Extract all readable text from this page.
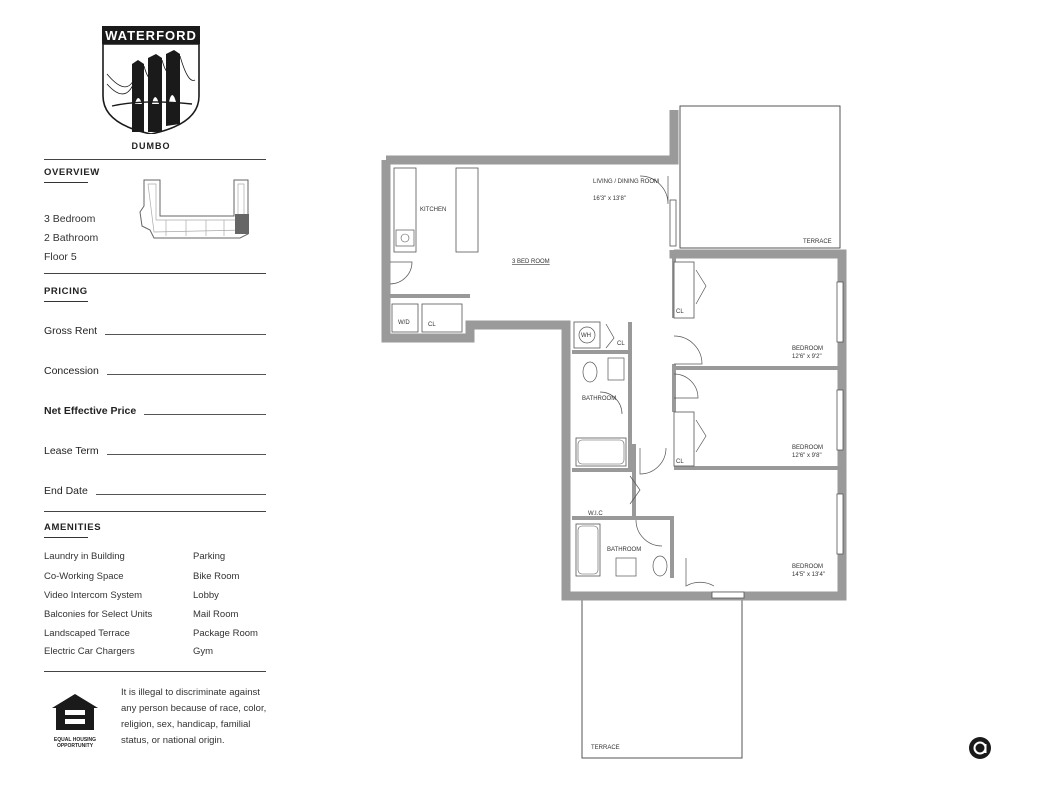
WATERFORD
DUMBO
OVERVIEW
3 Bedroom
2 Bathroom
Floor 5
PRICING
Gross Rent
Concession
Net Effective Price
Lease Term
End Date
AMENITIES
Laundry in Building
Co-Working Space
Video Intercom System
Balconies for Select Units
Landscaped Terrace
Electric Car Chargers
Parking
Bike Room
Lobby
Mail Room
Package Room
Gym
EQUAL HOUSING OPPORTUNITY
It is illegal to discriminate against any person because of race, color, religion, sex, handicap, familial status, or national origin.
LIVING / DINING ROOM
16'3" x 13'8"
KITCHEN
3 BED ROOM
W/D	CL
WH
CL
CL
CL
BATHROOM
W.I.C
BATHROOM
BEDROOM
12'6" x 9'2"
BEDROOM
12'6" x 9'8"
BEDROOM
14'5" x 13'4"
TERRACE
TERRACE
